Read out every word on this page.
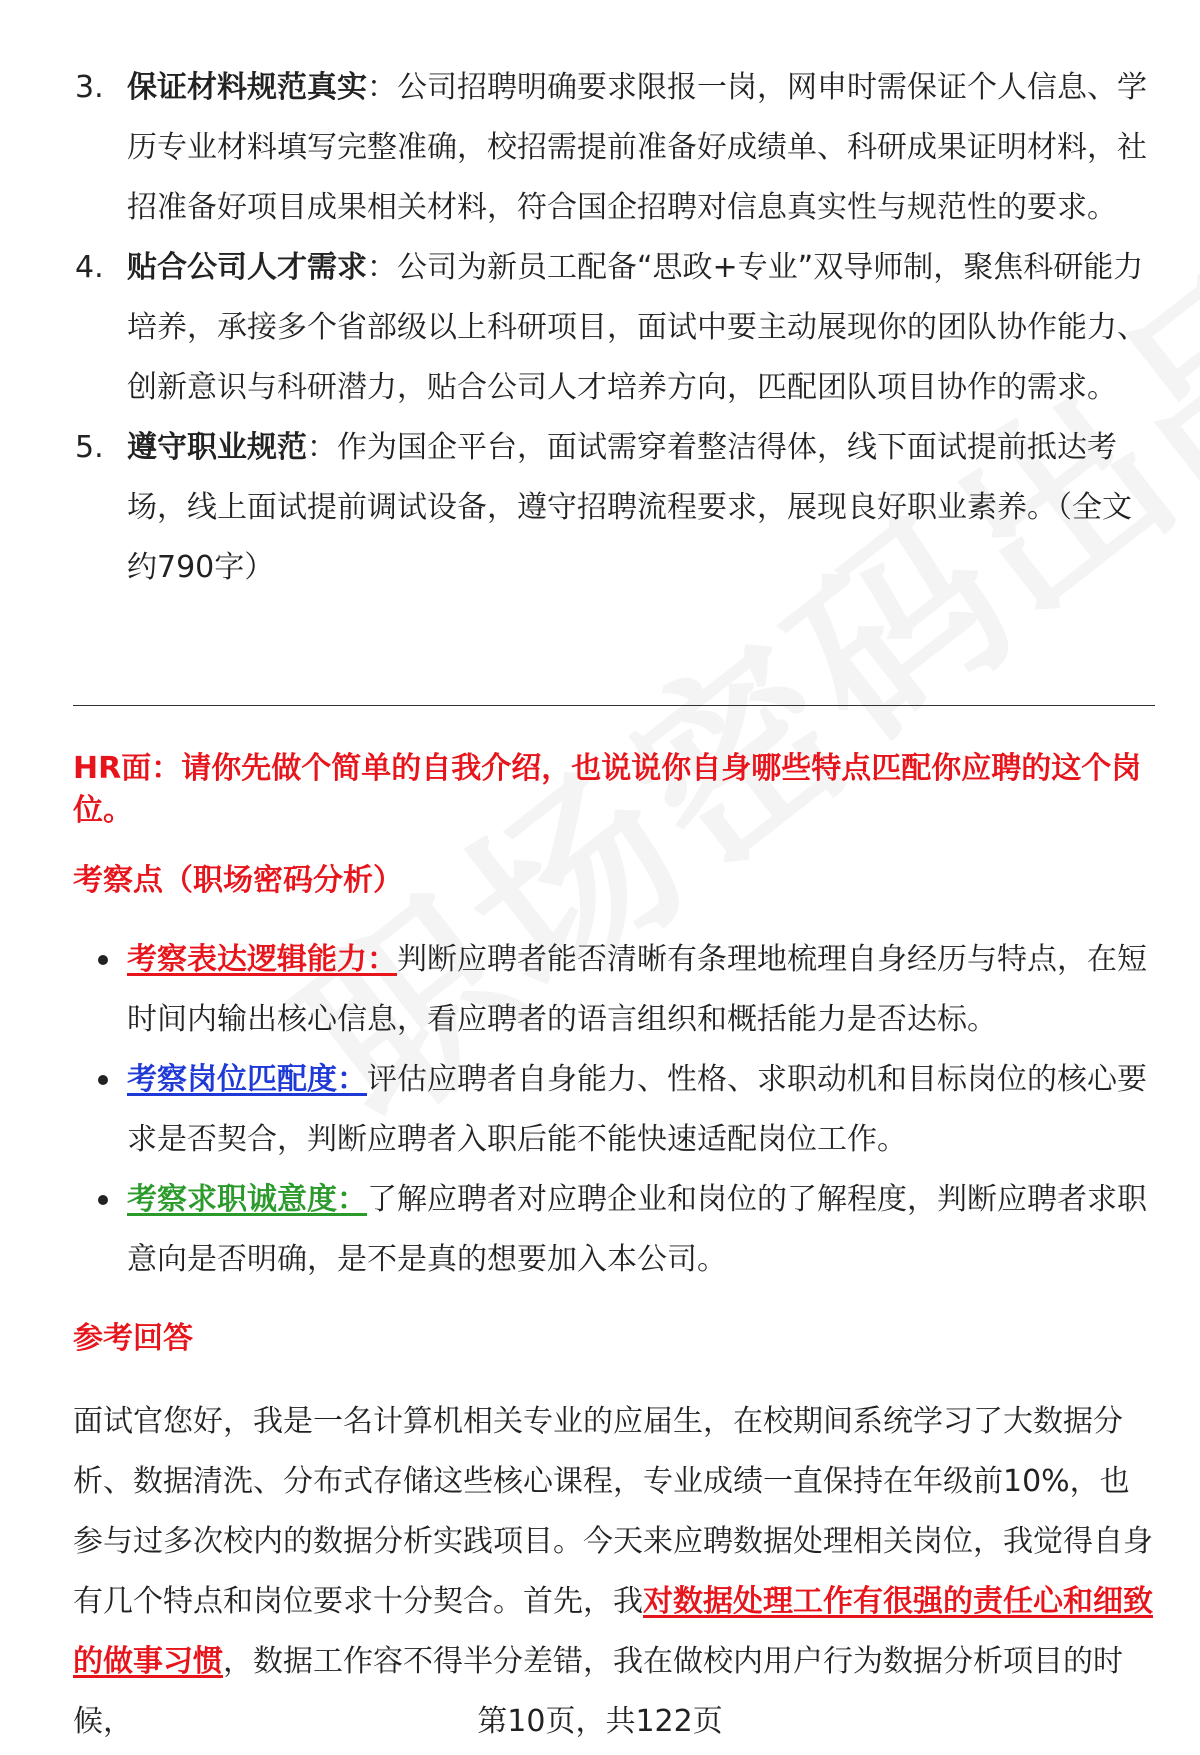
3. 保证材料规范真实：公司招聘明确要求限报一岗，网申时需保证个人信息、学历专业材料填写完整准确，校招需提前准备好成绩单、科研成果证明材料，社招准备好项目成果相关材料，符合国企招聘对信息真实性与规范性的要求。
4. 贴合公司人才需求：公司为新员工配备“思政+专业”双导师制，聚焦科研能力培养，承接多个省部级以上科研项目，面试中要主动展现你的团队协作能力、创新意识与科研潜力，贴合公司人才培养方向，匹配团队项目协作的需求。
5. 遵守职业规范：作为国企平台，面试需穿着整洁得体，线下面试提前抵达考场，线上面试提前调试设备，遵守招聘流程要求，展现良好职业素养。（全文约790字）
HR面：请你先做个简单的自我介绍，也说说你自身哪些特点匹配你应聘的这个岗位。
考察点（职场密码分析）
考察表达逻辑能力：判断应聘者能否清晰有条理地梳理自身经历与特点，在短时间内输出核心信息，看应聘者的语言组织和概括能力是否达标。
考察岗位匹配度：评估应聘者自身能力、性格、求职动机和目标岗位的核心要求是否契合，判断应聘者入职后能不能快速适配岗位工作。
考察求职诚意度：了解应聘者对应聘企业和岗位的了解程度，判断应聘者求职意向是否明确，是不是真的想要加入本公司。
参考回答
面试官您好，我是一名计算机相关专业的应届生，在校期间系统学习了大数据分析、数据清洗、分布式存储这些核心课程，专业成绩一直保持在年级前10%，也参与过多次校内的数据分析实践项目。今天来应聘数据处理相关岗位，我觉得自身有几个特点和岗位要求十分契合。首先，我对数据处理工作有很强的责任心和细致的做事习惯，数据工作容不得半分差错，我在做校内用户行为数据分析项目的时候，	第10页，共122页
